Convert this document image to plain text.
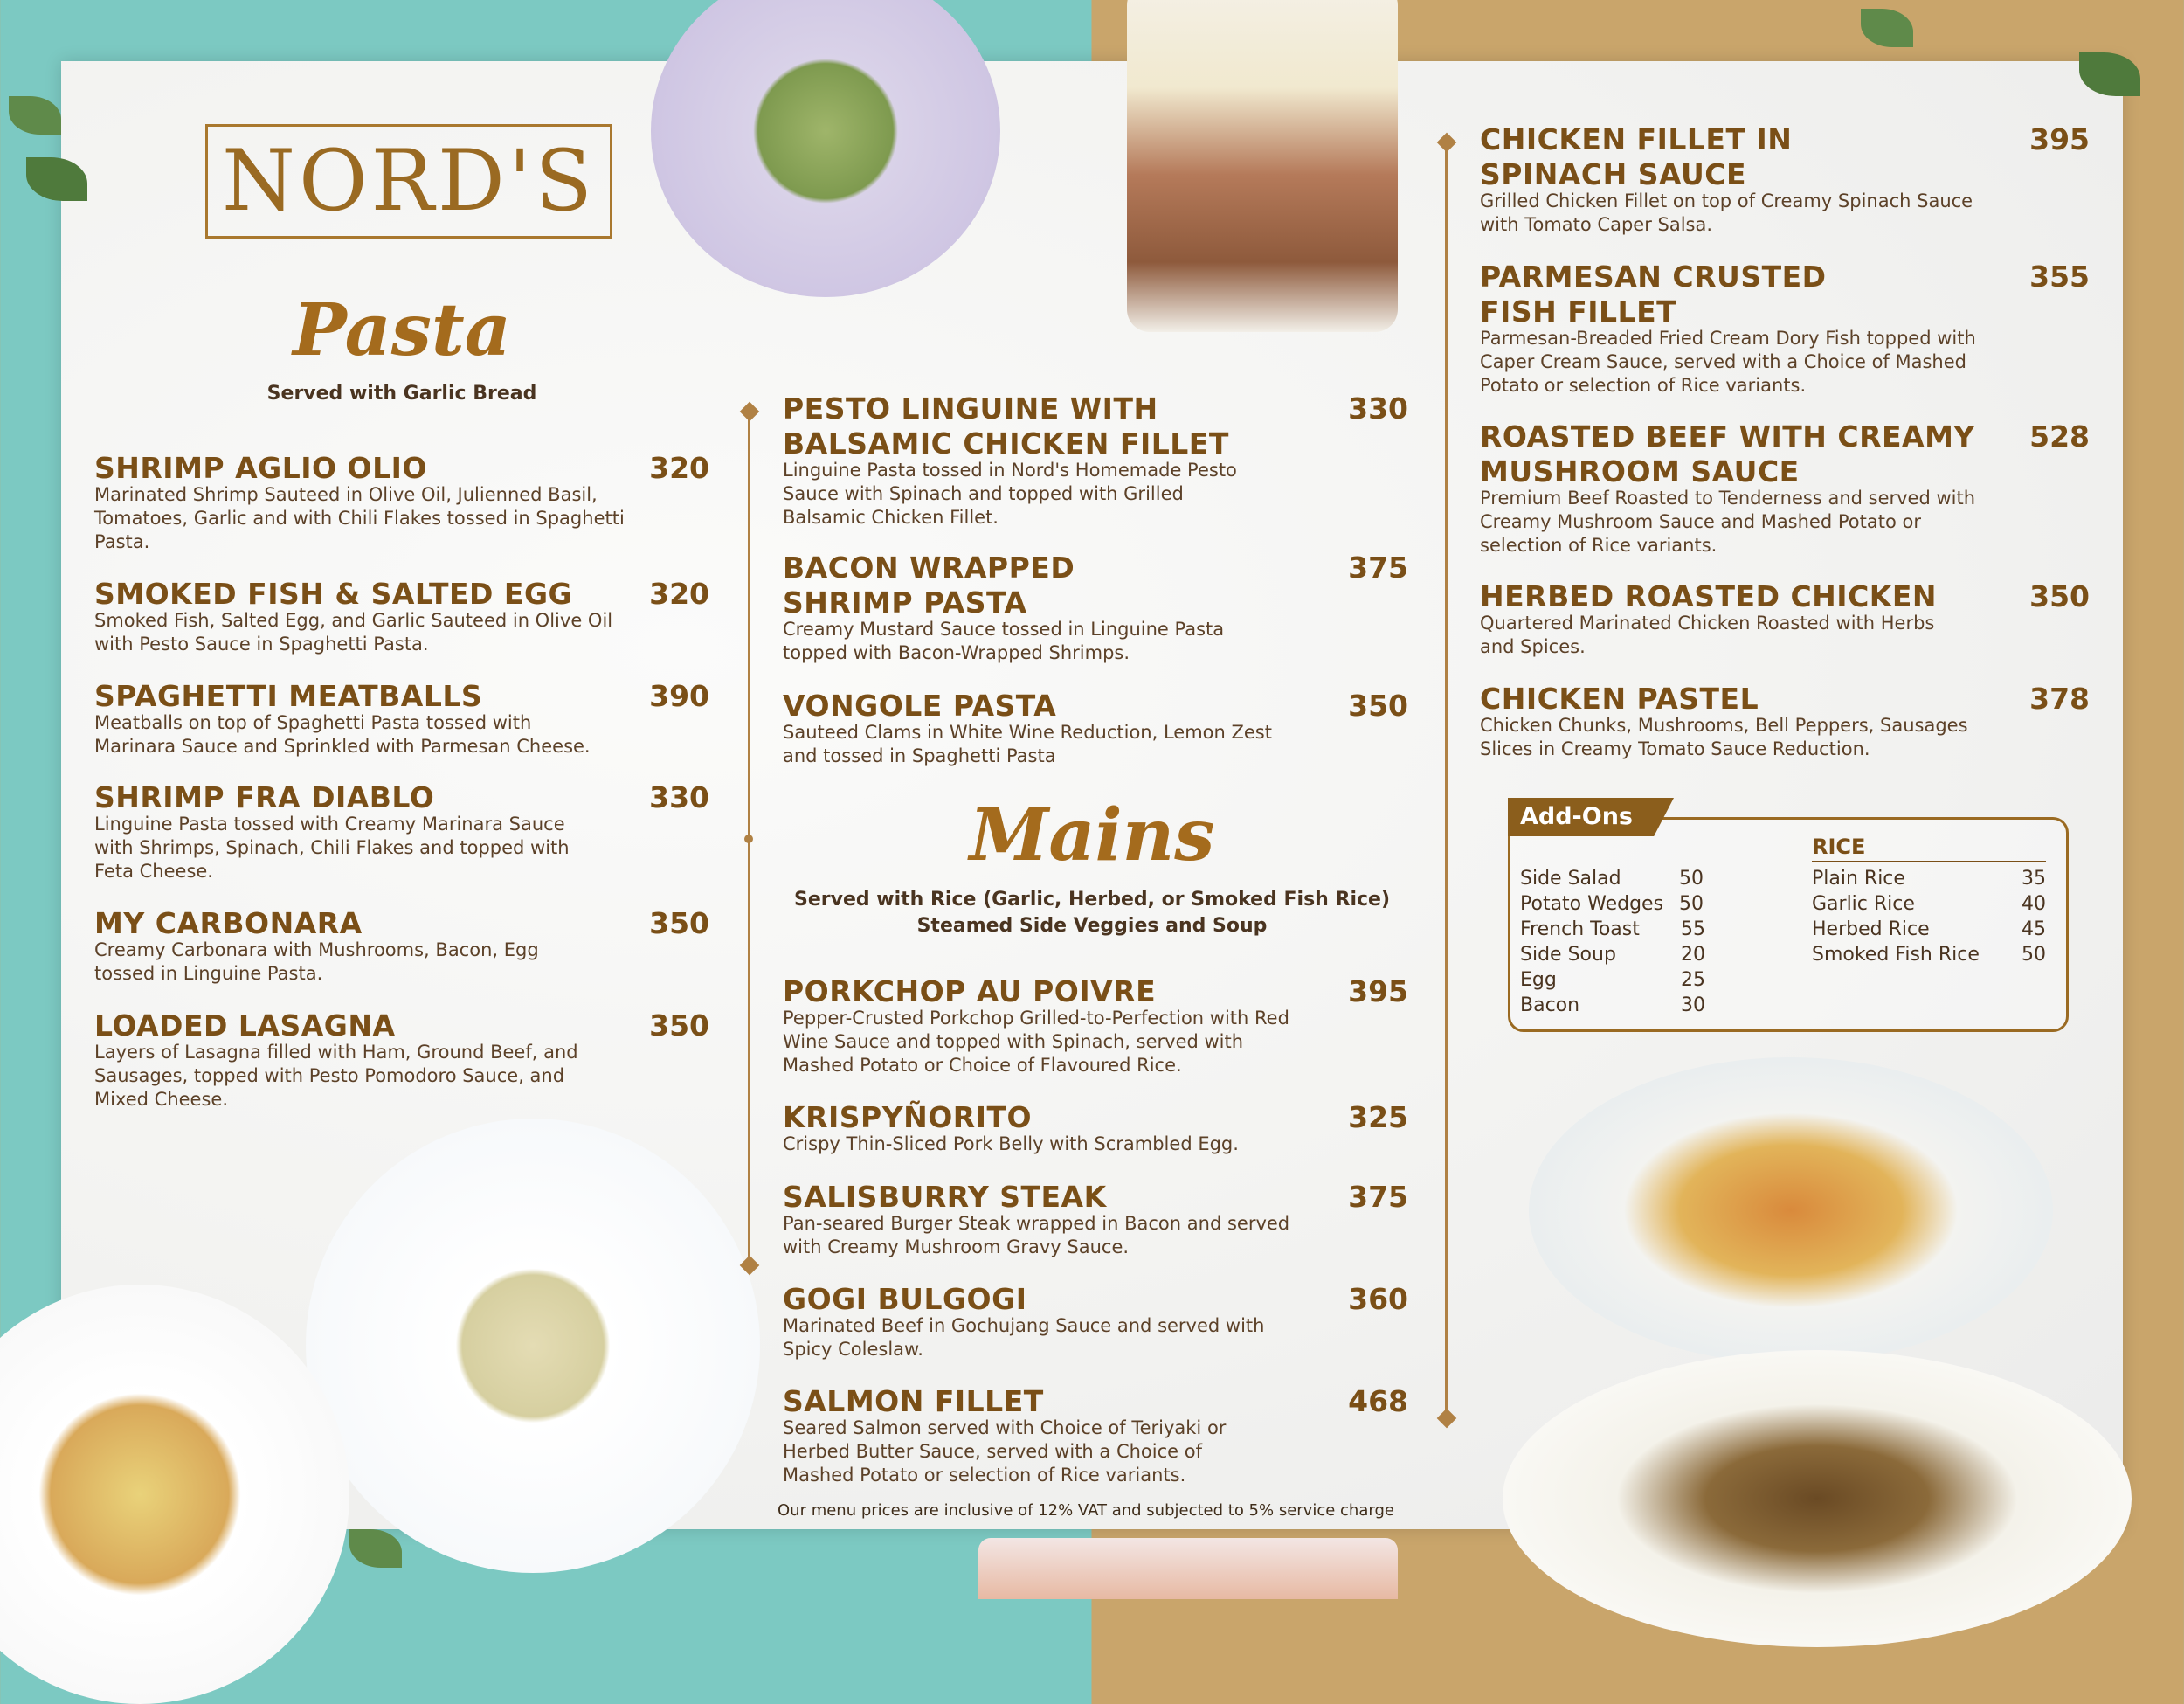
NORD'S
Pasta
Served with Garlic Bread
SHRIMP AGLIO OLIO	320
Marinated Shrimp Sauteed in Olive Oil, Julienned Basil, Tomatoes, Garlic and with Chili Flakes tossed in Spaghetti Pasta.
SMOKED FISH & SALTED EGG	320
Smoked Fish, Salted Egg, and Garlic Sauteed in Olive Oil with Pesto Sauce in Spaghetti Pasta.
SPAGHETTI MEATBALLS	390
Meatballs on top of Spaghetti Pasta tossed with Marinara Sauce and Sprinkled with Parmesan Cheese.
SHRIMP FRA DIABLO	330
Linguine Pasta tossed with Creamy Marinara Sauce with Shrimps, Spinach, Chili Flakes and topped with Feta Cheese.
MY CARBONARA	350
Creamy Carbonara with Mushrooms, Bacon, Egg tossed in Linguine Pasta.
LOADED LASAGNA	350
Layers of Lasagna filled with Ham, Ground Beef, and Sausages, topped with Pesto Pomodoro Sauce, and Mixed Cheese.
PESTO LINGUINE WITH
BALSAMIC CHICKEN FILLET
330
Linguine Pasta tossed in Nord's Homemade Pesto Sauce with Spinach and topped with Grilled Balsamic Chicken Fillet.
BACON WRAPPED
SHRIMP PASTA
375
Creamy Mustard Sauce tossed in Linguine Pasta topped with Bacon-Wrapped Shrimps.
VONGOLE PASTA	350
Sauteed Clams in White Wine Reduction, Lemon Zest and tossed in Spaghetti Pasta
Mains
Served with Rice (Garlic, Herbed, or Smoked Fish Rice)
Steamed Side Veggies and Soup
PORKCHOP AU POIVRE	395
Pepper-Crusted Porkchop Grilled-to-Perfection with Red Wine Sauce and topped with Spinach, served with Mashed Potato or Choice of Flavoured Rice.
KRISPYÑORITO	325
Crispy Thin-Sliced Pork Belly with Scrambled Egg.
SALISBURRY STEAK	375
Pan-seared Burger Steak wrapped in Bacon and served with Creamy Mushroom Gravy Sauce.
GOGI BULGOGI	360
Marinated Beef in Gochujang Sauce and served with Spicy Coleslaw.
SALMON FILLET	468
Seared Salmon served with Choice of Teriyaki or Herbed Butter Sauce, served with a Choice of Mashed Potato or selection of Rice variants.
Our menu prices are inclusive of 12% VAT and subjected to 5% service charge
CHICKEN FILLET IN
SPINACH SAUCE
395
Grilled Chicken Fillet on top of Creamy Spinach Sauce with Tomato Caper Salsa.
PARMESAN CRUSTED
FISH FILLET
355
Parmesan-Breaded Fried Cream Dory Fish topped with Caper Cream Sauce, served with a Choice of Mashed Potato or selection of Rice variants.
ROASTED BEEF WITH CREAMY
MUSHROOM SAUCE
528
Premium Beef Roasted to Tenderness and served with Creamy Mushroom Sauce and Mashed Potato or selection of Rice variants.
HERBED ROASTED CHICKEN	350
Quartered Marinated Chicken Roasted with Herbs and Spices.
CHICKEN PASTEL	378
Chicken Chunks, Mushrooms, Bell Peppers, Sausages Slices in Creamy Tomato Sauce Reduction.
Add-Ons
Side Salad	50
Potato Wedges 50
French Toast 55
Side Soup	20
Egg	25
Bacon	30
RICE
Plain Rice	35
Garlic Rice	40
Herbed Rice	45
Smoked Fish Rice 50
